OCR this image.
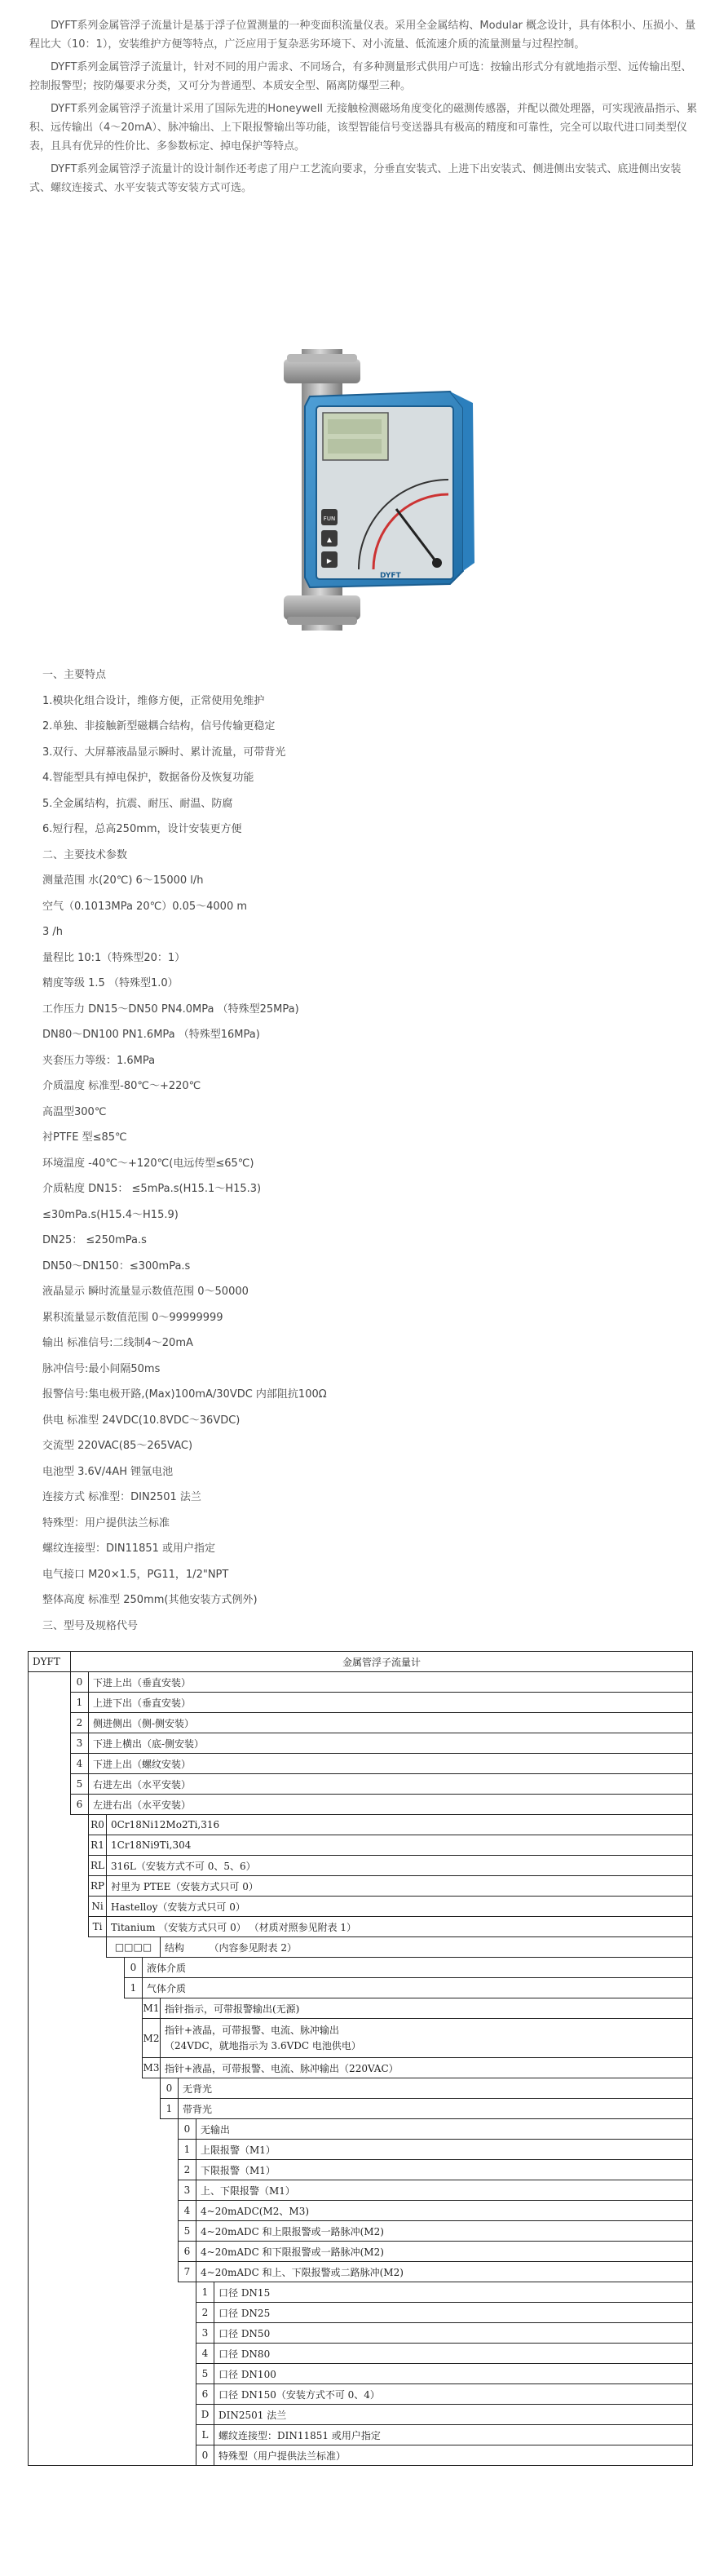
DYFT系列金属管浮子流量计是基于浮子位置测量的一种变面积流量仪表。采用全金属结构、Modular 概念设计，具有体积小、压损小、量程比大（10：1），安装维护方便等特点，广泛应用于复杂恶劣环境下、对小流量、低流速介质的流量测量与过程控制。

DYFT系列金属管浮子流量计，针对不同的用户需求、不同场合，有多种测量形式供用户可选：按输出形式分有就地指示型、远传输出型、控制报警型；按防爆要求分类，又可分为普通型、本质安全型、隔离防爆型三种。

DYFT系列金属管浮子流量计采用了国际先进的Honeywell 无接触检测磁场角度变化的磁测传感器，并配以微处理器，可实现液晶指示、累积、远传输出（4～20mA）、脉冲输出、上下限报警输出等功能，该型智能信号变送器具有极高的精度和可靠性，完全可以取代进口同类型仪表，且具有优异的性价比、多参数标定、掉电保护等特点。

DYFT系列金属管浮子流量计的设计制作还考虑了用户工艺流向要求，分垂直安装式、上进下出安装式、侧进侧出安装式、底进侧出安装式、螺纹连接式、水平安装式等安装方式可选。

FUN
▲
▶
DYFT
一、主要特点
1.模块化组合设计，维修方便，正常使用免维护
2.单独、非接触新型磁耦合结构，信号传输更稳定
3.双行、大屏幕液晶显示瞬时、累计流量，可带背光
4.智能型具有掉电保护，数据备份及恢复功能
5.全金属结构，抗震、耐压、耐温、防腐
6.短行程，总高250mm，设计安装更方便
二、主要技术参数
测量范围 水(20℃) 6～15000 l/h
空气（0.1013MPa 20℃）0.05～4000 m
3 /h
量程比 10:1（特殊型20：1）
精度等级 1.5 （特殊型1.0）
工作压力 DN15～DN50 PN4.0MPa （特殊型25MPa)
DN80～DN100 PN1.6MPa （特殊型16MPa)
夹套压力等级：1.6MPa
介质温度 标准型-80℃～+220℃
高温型300℃
衬PTFE 型≤85℃
环境温度 -40℃～+120℃(电远传型≤65℃)
介质粘度 DN15： ≤5mPa.s(H15.1～H15.3)
≤30mPa.s(H15.4～H15.9)
DN25： ≤250mPa.s
DN50～DN150：≤300mPa.s
液晶显示 瞬时流量显示数值范围 0～50000
累积流量显示数值范围 0～99999999
输出 标准信号:二线制4～20mA
脉冲信号:最小间隔50ms
报警信号:集电极开路,(Max)100mA/30VDC 内部阻抗100Ω
供电 标准型 24VDC(10.8VDC～36VDC)
交流型 220VAC(85～265VAC)
电池型 3.6V/4AH 锂氩电池
连接方式 标准型：DIN2501 法兰
特殊型：用户提供法兰标准
螺纹连接型：DIN11851 或用户指定
电气接口 M20×1.5，PG11，1/2"NPT
整体高度 标准型 250mm(其他安装方式例外)
三、型号及规格代号
DYFT	金属管浮子流量计								
	0	下进上出（垂直安装）							
	1	上进下出（垂直安装）							
	2	侧进侧出（侧-侧安装）							
	3	下进上横出（底-侧安装）							
	4	下进上出（螺纹安装）							
	5	右进左出（水平安装）							
	6	左进右出（水平安装）							
		R0	0Cr18Ni12Mo2Ti,316						
		R1	1Cr18Ni9Ti,304						
		RL	316L（安装方式不可 0、5、6）						
		RP	衬里为 PTEE（安装方式只可 0）						
		Ni	Hastelloy（安装方式只可 0）						
		Ti	Titanium （安装方式只可 0） （材质对照参见附表 1）						
			□□□□			结构 （内容参见附表 2）			
				0	液体介质				
				1	气体介质				
					M1	指针指示，可带报警输出(无源)			
					M2	指针+液晶，可带报警、电流、脉冲输出
（24VDC，就地指示为 3.6VDC 电池供电）			

					M3	指针+液晶，可带报警、电流、脉冲输出（220VAC）			
						0	无背光		
						1	带背光		
							0	无输出	
							1	上限报警（M1）	
							2	下限报警（M1）	
							3	上、下限报警（M1）	
							4	4~20mADC(M2、M3)	
							5	4~20mADC 和上限报警或一路脉冲(M2)	
							6	4~20mADC 和下限报警或一路脉冲(M2)	
							7	4~20mADC 和上、下限报警或二路脉冲(M2)	
								1	口径 DN15
								2	口径 DN25
								3	口径 DN50
								4	口径 DN80
								5	口径 DN100
								6	口径 DN150（安装方式不可 0、4）
								D	DIN2501 法兰
								L	螺纹连接型：DIN11851 或用户指定
								0	特殊型（用户提供法兰标准）
